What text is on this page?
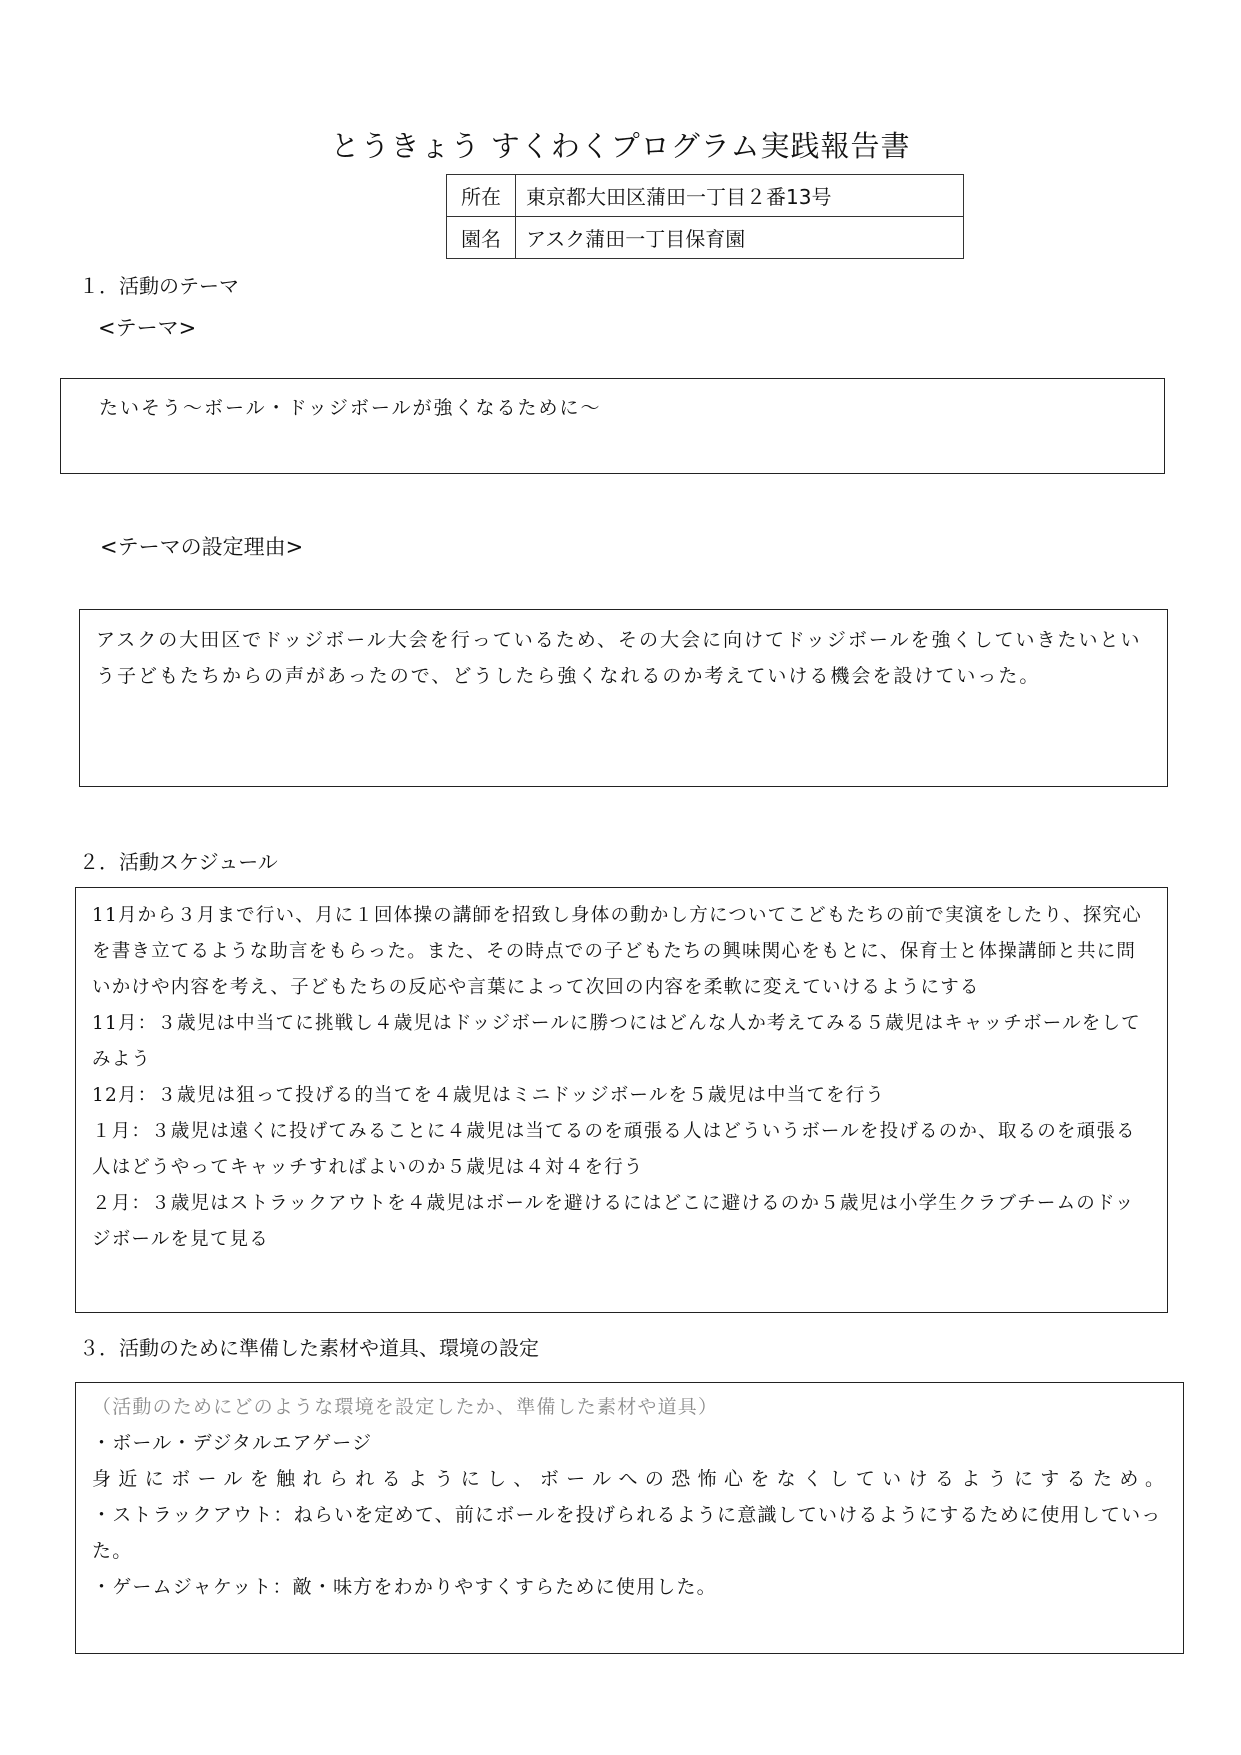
とうきょう すくわくプログラム実践報告書
所在	東京都大田区蒲田一丁目２番13号
園名	アスク蒲田一丁目保育園
１．活動のテーマ
<テーマ>

たいそう～ボール・ドッジボールが強くなるために～

<テーマの設定理由>

アスクの大田区でドッジボール大会を行っているため、その大会に向けてドッジボールを強くしていきたいという子どもたちからの声があったので、どうしたら強くなれるのか考えていける機会を設けていった。

２．活動スケジュール

11月から３月まで行い、月に１回体操の講師を招致し身体の動かし方についてこどもたちの前で実演をしたり、探究心を書き立てるような助言をもらった。また、その時点での子どもたちの興味関心をもとに、保育士と体操講師と共に問いかけや内容を考え、子どもたちの反応や言葉によって次回の内容を柔軟に変えていけるようにする
11月：３歳児は中当てに挑戦し４歳児はドッジボールに勝つにはどんな人か考えてみる５歳児はキャッチボールをしてみよう
12月：３歳児は狙って投げる的当てを４歳児はミニドッジボールを５歳児は中当てを行う
１月：３歳児は遠くに投げてみることに４歳児は当てるのを頑張る人はどういうボールを投げるのか、取るのを頑張る人はどうやってキャッチすればよいのか５歳児は４対４を行う
２月：３歳児はストラックアウトを４歳児はボールを避けるにはどこに避けるのか５歳児は小学生クラブチームのドッジボールを見て見る

３．活動のために準備した素材や道具、環境の設定

（活動のためにどのような環境を設定したか、準備した素材や道具）
・ボール・デジタルエアゲージ
身近にボールを触れられるようにし、ボールへの恐怖心をなくしていけるようにするため。
・ストラックアウト：ねらいを定めて、前にボールを投げられるように意識していけるようにするために使用していった。
・ゲームジャケット：敵・味方をわかりやすくすらために使用した。
